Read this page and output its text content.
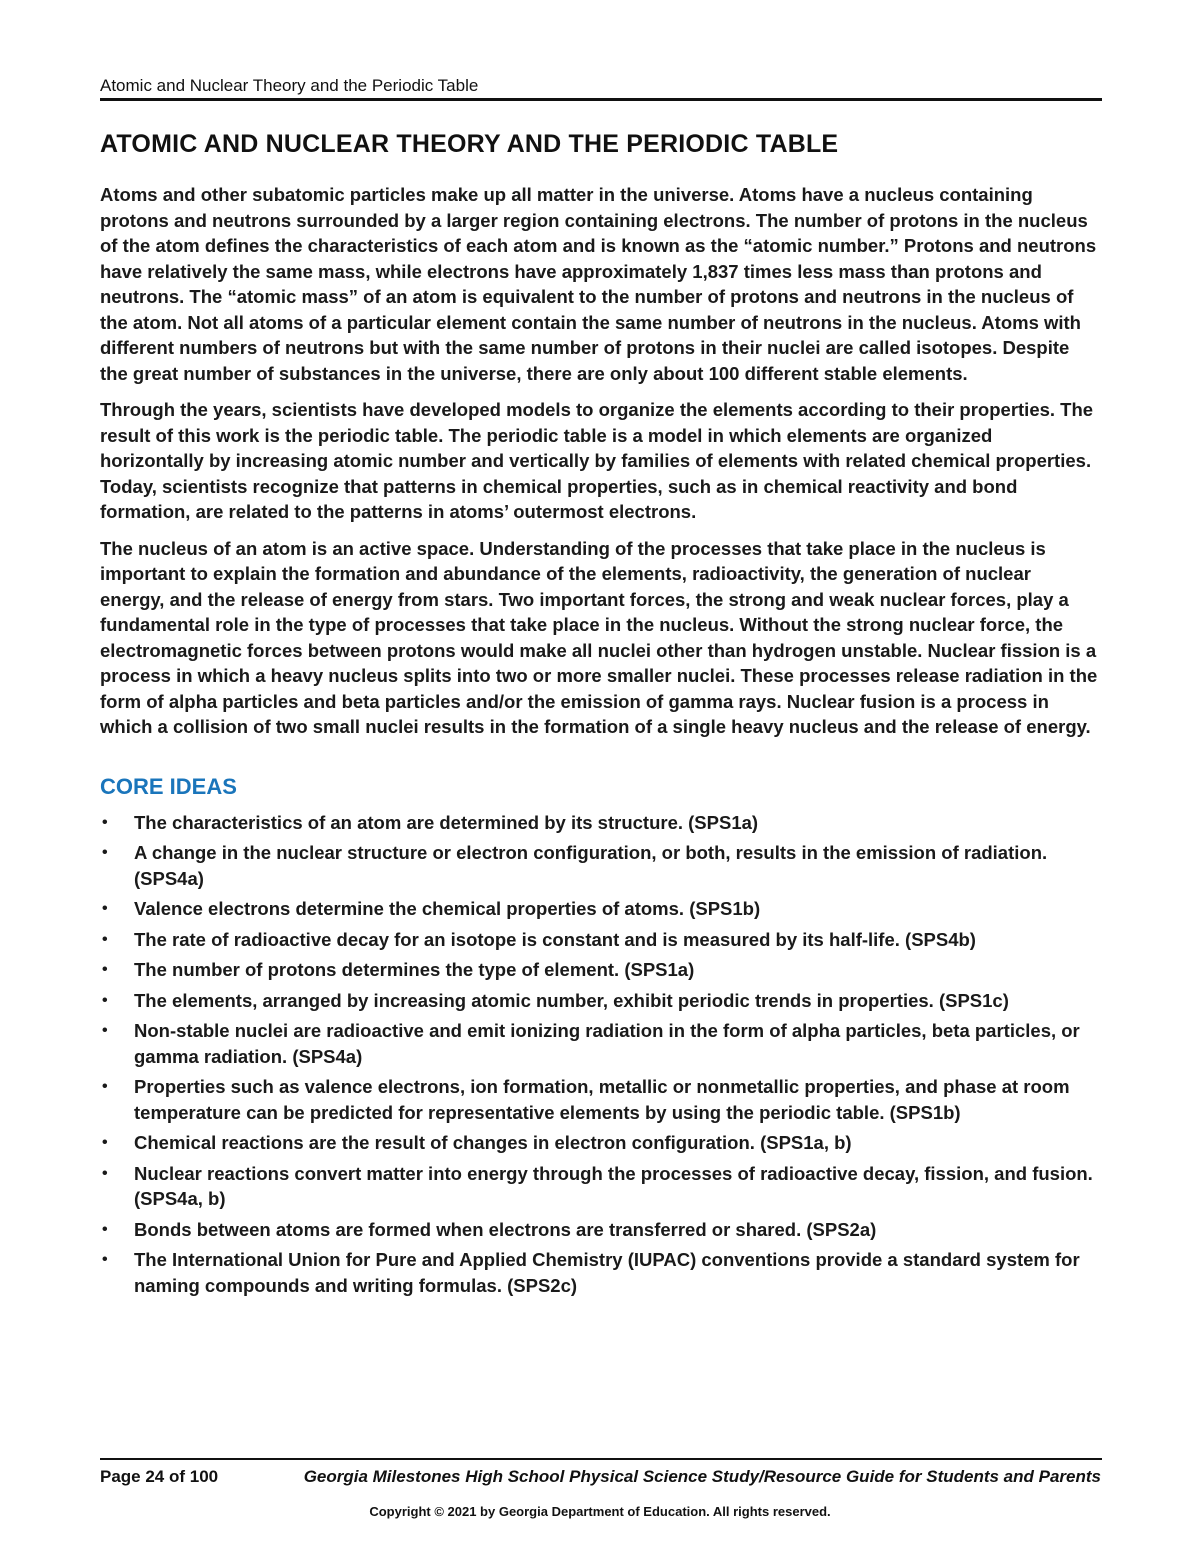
Atomic and Nuclear Theory and the Periodic Table
ATOMIC AND NUCLEAR THEORY AND THE PERIODIC TABLE

Atoms and other subatomic particles make up all matter in the universe. Atoms have a nucleus containing protons and neutrons surrounded by a larger region containing electrons. The number of protons in the nucleus of the atom defines the characteristics of each atom and is known as the “atomic number.” Protons and neutrons have relatively the same mass, while electrons have approximately 1,837 times less mass than protons and neutrons. The “atomic mass” of an atom is equivalent to the number of protons and neutrons in the nucleus of the atom. Not all atoms of a particular element contain the same number of neutrons in the nucleus. Atoms with different numbers of neutrons but with the same number of protons in their nuclei are called isotopes. Despite the great number of substances in the universe, there are only about 100 different stable elements.

Through the years, scientists have developed models to organize the elements according to their properties. The result of this work is the periodic table. The periodic table is a model in which elements are organized horizontally by increasing atomic number and vertically by families of elements with related chemical properties. Today, scientists recognize that patterns in chemical properties, such as in chemical reactivity and bond formation, are related to the patterns in atoms’ outermost electrons.

The nucleus of an atom is an active space. Understanding of the processes that take place in the nucleus is important to explain the formation and abundance of the elements, radioactivity, the generation of nuclear energy, and the release of energy from stars. Two important forces, the strong and weak nuclear forces, play a fundamental role in the type of processes that take place in the nucleus. Without the strong nuclear force, the electromagnetic forces between protons would make all nuclei other than hydrogen unstable. Nuclear fission is a process in which a heavy nucleus splits into two or more smaller nuclei. These processes release radiation in the form of alpha particles and beta particles and/or the emission of gamma rays. Nuclear fusion is a process in which a collision of two small nuclei results in the formation of a single heavy nucleus and the release of energy.

CORE IDEAS
• The characteristics of an atom are determined by its structure. (SPS1a)
• A change in the nuclear structure or electron configuration, or both, results in the emission of radiation. (SPS4a)
• Valence electrons determine the chemical properties of atoms. (SPS1b)
• The rate of radioactive decay for an isotope is constant and is measured by its half-life. (SPS4b)
• The number of protons determines the type of element. (SPS1a)
• The elements, arranged by increasing atomic number, exhibit periodic trends in properties. (SPS1c)
• Non-stable nuclei are radioactive and emit ionizing radiation in the form of alpha particles, beta particles, or gamma radiation. (SPS4a)
• Properties such as valence electrons, ion formation, metallic or nonmetallic properties, and phase at room temperature can be predicted for representative elements by using the periodic table. (SPS1b)
• Chemical reactions are the result of changes in electron configuration. (SPS1a, b)
• Nuclear reactions convert matter into energy through the processes of radioactive decay, fission, and fusion. (SPS4a, b)
• Bonds between atoms are formed when electrons are transferred or shared. (SPS2a)
• The International Union for Pure and Applied Chemistry (IUPAC) conventions provide a standard system for naming compounds and writing formulas. (SPS2c)
Page 24 of 100	Georgia Milestones High School Physical Science Study/Resource Guide for Students and Parents
Copyright © 2021 by Georgia Department of Education. All rights reserved.
